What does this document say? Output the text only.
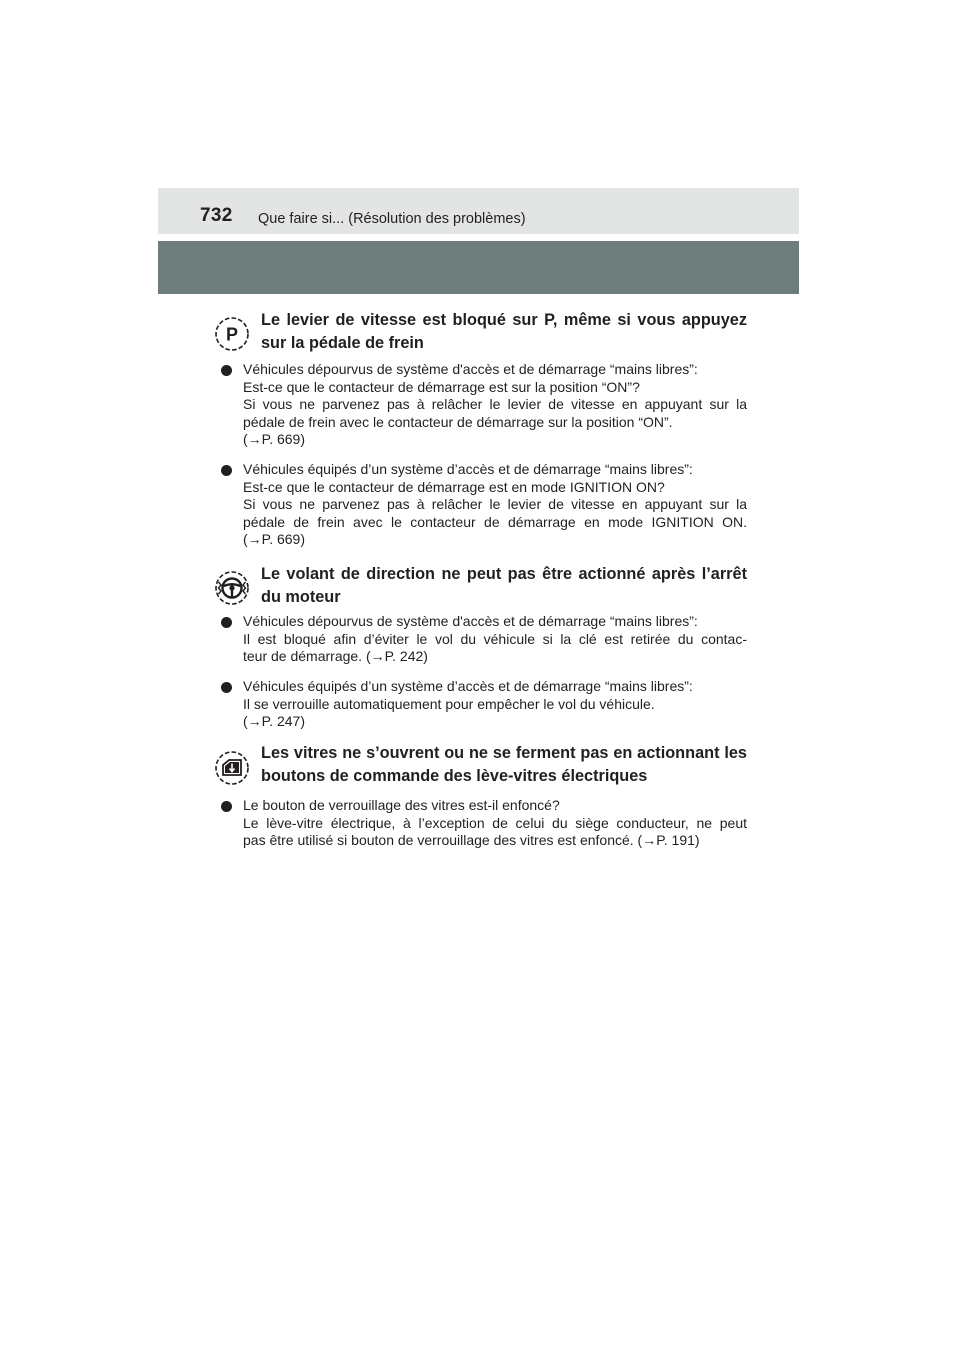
732 Que faire si... (Résolution des problèmes)
P
Le levier de vitesse est bloqué sur P, même si vous appuyez sur la pédale de frein
Véhicules dépourvus de système d'accès et de démarrage “mains libres”:
Est-ce que le contacteur de démarrage est sur la position “ON”?
Si vous ne parvenez pas à relâcher le levier de vitesse en appuyant sur la
pédale de frein avec le contacteur de démarrage sur la position “ON”.
(→P. 669)
Véhicules équipés d’un système d’accès et de démarrage “mains libres”:
Est-ce que le contacteur de démarrage est en mode IGNITION ON?
Si vous ne parvenez pas à relâcher le levier de vitesse en appuyant sur la
pédale de frein avec le contacteur de démarrage en mode IGNITION ON.
(→P. 669)
Le volant de direction ne peut pas être actionné après l’arrêt du moteur
Véhicules dépourvus de système d'accès et de démarrage “mains libres”:
Il est bloqué afin d’éviter le vol du véhicule si la clé est retirée du contac-
teur de démarrage. (→P. 242)
Véhicules équipés d’un système d’accès et de démarrage “mains libres”:
Il se verrouille automatiquement pour empêcher le vol du véhicule.
(→P. 247)
Les vitres ne s’ouvrent ou ne se ferment pas en actionnant les boutons de commande des lève-vitres électriques
Le bouton de verrouillage des vitres est-il enfoncé?
Le lève-vitre électrique, à l’exception de celui du siège conducteur, ne peut
pas être utilisé si bouton de verrouillage des vitres est enfoncé. (→P. 191)
